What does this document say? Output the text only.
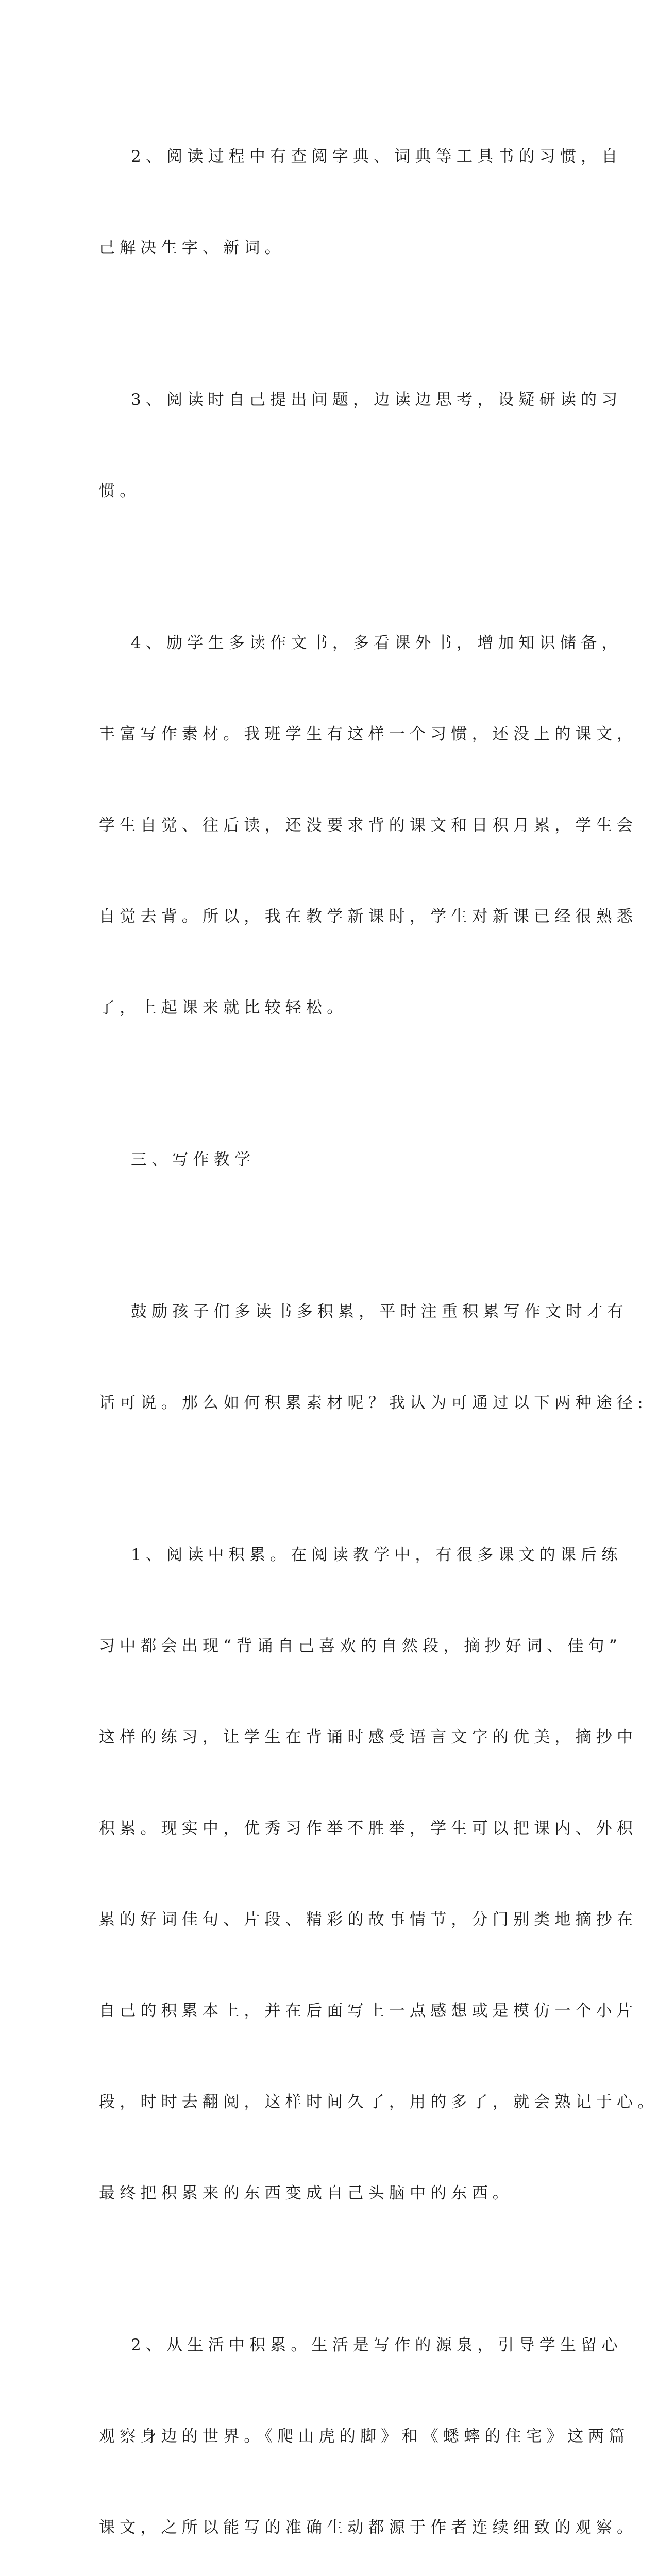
2、阅读过程中有查阅字典、词典等工具书的习惯，自

己解决生字、新词。

3、阅读时自己提出问题，边读边思考，设疑研读的习

惯。

4、励学生多读作文书，多看课外书，增加知识储备，

丰富写作素材。我班学生有这样一个习惯，还没上的课文，

学生自觉、往后读，还没要求背的课文和日积月累，学生会

自觉去背。所以，我在教学新课时，学生对新课已经很熟悉

了，上起课来就比较轻松。

三、写作教学

鼓励孩子们多读书多积累，平时注重积累写作文时才有

话可说。那么如何积累素材呢？我认为可通过以下两种途径:

1、阅读中积累。在阅读教学中，有很多课文的课后练

习中都会出现“背诵自己喜欢的自然段，摘抄好词、佳句”

这样的练习，让学生在背诵时感受语言文字的优美，摘抄中

积累。现实中，优秀习作举不胜举，学生可以把课内、外积

累的好词佳句、片段、精彩的故事情节，分门别类地摘抄在

自己的积累本上，并在后面写上一点感想或是模仿一个小片

段，时时去翻阅，这样时间久了，用的多了，就会熟记于心。

最终把积累来的东西变成自己头脑中的东西。

2、从生活中积累。生活是写作的源泉，引导学生留心

观察身边的世界。《爬山虎的脚》和《蟋蟀的住宅》这两篇

课文，之所以能写的准确生动都源于作者连续细致的观察。
